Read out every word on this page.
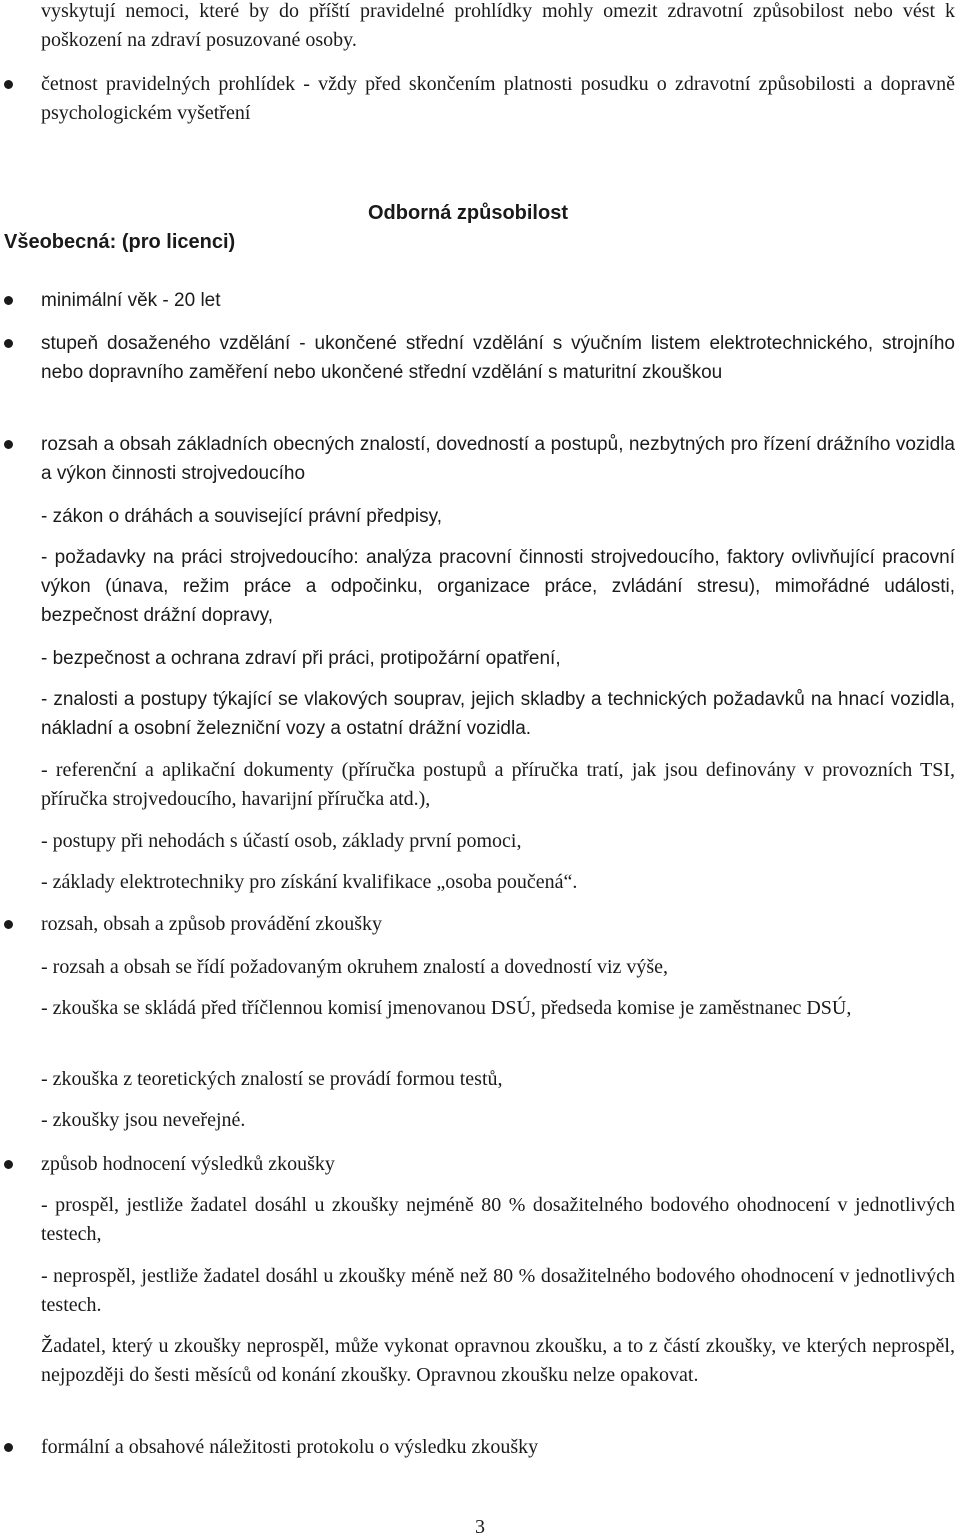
vyskytují nemoci, které by do příští pravidelné prohlídky mohly omezit zdravotní způsobilost nebo vést k poškození na zdraví posuzované osoby.

četnost pravidelných prohlídek - vždy před skončením platnosti posudku o zdravotní způsobilosti a dopravně psychologickém vyšetření

Odborná způsobilost
Všeobecná: (pro licenci)

minimální věk - 20 let

stupeň dosaženého vzdělání - ukončené střední vzdělání s výučním listem elektrotechnického, strojního nebo dopravního zaměření nebo ukončené střední vzdělání s maturitní zkouškou

rozsah a obsah základních obecných znalostí, dovedností a postupů, nezbytných pro řízení drážního vozidla a výkon činnosti strojvedoucího

- zákon o dráhách a související právní předpisy,

- požadavky na práci strojvedoucího: analýza pracovní činnosti strojvedoucího, faktory ovlivňující pracovní výkon (únava, režim práce a odpočinku, organizace práce, zvládání stresu), mimořádné události, bezpečnost drážní dopravy,

- bezpečnost a ochrana zdraví při práci, protipožární opatření,

- znalosti a postupy týkající se vlakových souprav, jejich skladby a technických požadavků na hnací vozidla, nákladní a osobní železniční vozy a ostatní drážní vozidla.

- referenční a aplikační dokumenty (příručka postupů a příručka tratí, jak jsou definovány v provozních TSI, příručka strojvedoucího, havarijní příručka atd.),

- postupy při nehodách s účastí osob, základy první pomoci,

- základy elektrotechniky pro získání kvalifikace „osoba poučená“.

rozsah, obsah a způsob provádění zkoušky

- rozsah a obsah se řídí požadovaným okruhem znalostí a dovedností viz výše,

- zkouška se skládá před tříčlennou komisí jmenovanou DSÚ, předseda komise je zaměstnanec DSÚ,

- zkouška z teoretických znalostí se provádí formou testů,

- zkoušky jsou neveřejné.

způsob hodnocení výsledků zkoušky

- prospěl, jestliže žadatel dosáhl u zkoušky nejméně 80 % dosažitelného bodového ohodnocení v jednotlivých testech,

- neprospěl, jestliže žadatel dosáhl u zkoušky méně než 80 % dosažitelného bodového ohodnocení v jednotlivých testech.

Žadatel, který u zkoušky neprospěl, může vykonat opravnou zkoušku, a to z částí zkoušky, ve kterých neprospěl, nejpozději do šesti měsíců od konání zkoušky. Opravnou zkoušku nelze opakovat.

formální a obsahové náležitosti protokolu o výsledku zkoušky

3
